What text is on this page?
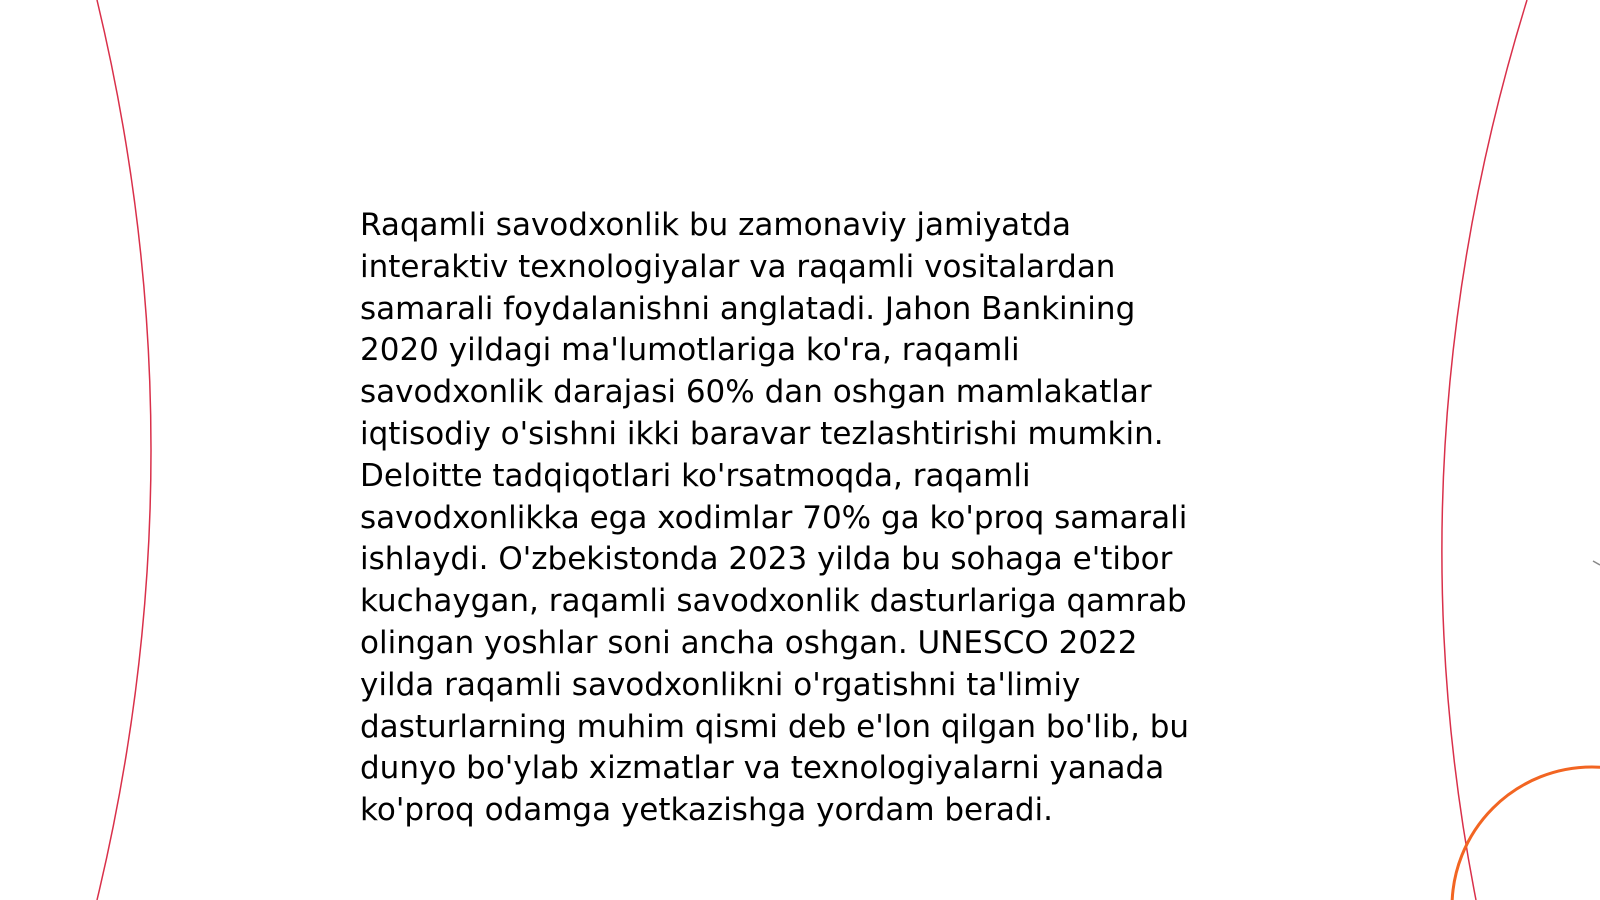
Raqamli savodxonlik bu zamonaviy jamiyatda
interaktiv texnologiyalar va raqamli vositalardan
samarali foydalanishni anglatadi. Jahon Bankining
2020 yildagi ma'lumotlariga ko'ra, raqamli
savodxonlik darajasi 60% dan oshgan mamlakatlar
iqtisodiy o'sishni ikki baravar tezlashtirishi mumkin.
Deloitte tadqiqotlari ko'rsatmoqda, raqamli
savodxonlikka ega xodimlar 70% ga ko'proq samarali
ishlaydi. O'zbekistonda 2023 yilda bu sohaga e'tibor
kuchaygan, raqamli savodxonlik dasturlariga qamrab
olingan yoshlar soni ancha oshgan. UNESCO 2022
yilda raqamli savodxonlikni o'rgatishni ta'limiy
dasturlarning muhim qismi deb e'lon qilgan bo'lib, bu
dunyo bo'ylab xizmatlar va texnologiyalarni yanada
ko'proq odamga yetkazishga yordam beradi.
